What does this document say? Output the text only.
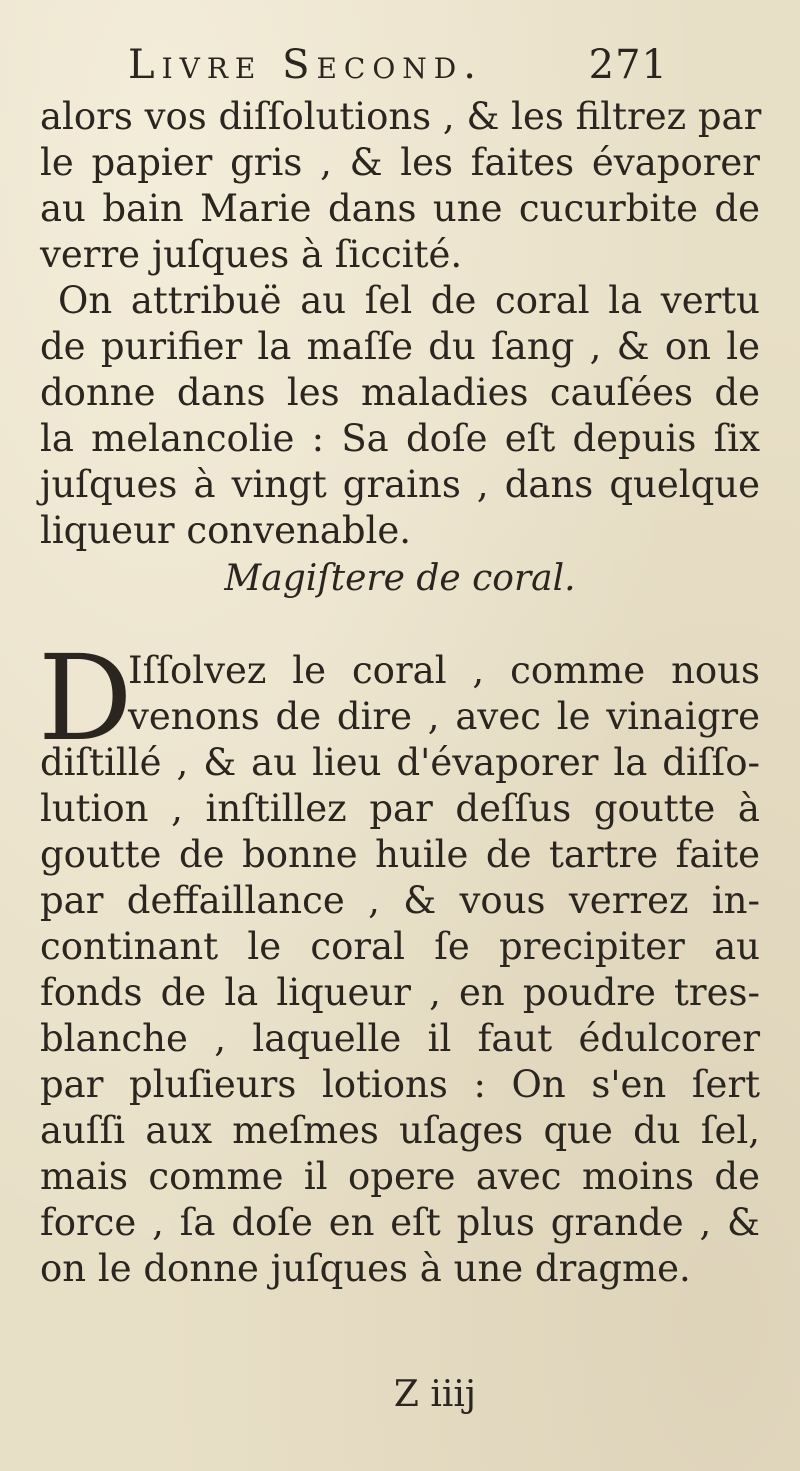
Livre Second.	271
alors vos diſſolutions , & les filtrez par
le papier gris , & les faites évaporer
au bain Marie dans une cucurbite de
verre juſques à ſiccité.
On attribuë au ſel de coral la vertu
de purifier la maſſe du ſang , & on le
donne dans les maladies cauſées de
la melancolie : Sa doſe eſt depuis ſix
juſques à vingt grains , dans quelque
liqueur convenable.
Magiſtere de coral.
D
Iſſolvez le coral , comme nous
venons de dire , avec le vinaigre
diſtillé , & au lieu d'évaporer la diſſo-
lution , inſtillez par deſſus goutte à
goutte de bonne huile de tartre faite
par deffaillance , & vous verrez in-
continant le coral ſe precipiter au
fonds de la liqueur , en poudre tres-
blanche , laquelle il faut édulcorer
par pluſieurs lotions : On s'en ſert
auſſi aux meſmes uſages que du ſel,
mais comme il opere avec moins de
force , ſa doſe en eſt plus grande , &
on le donne juſques à une dragme.
Z iiij
